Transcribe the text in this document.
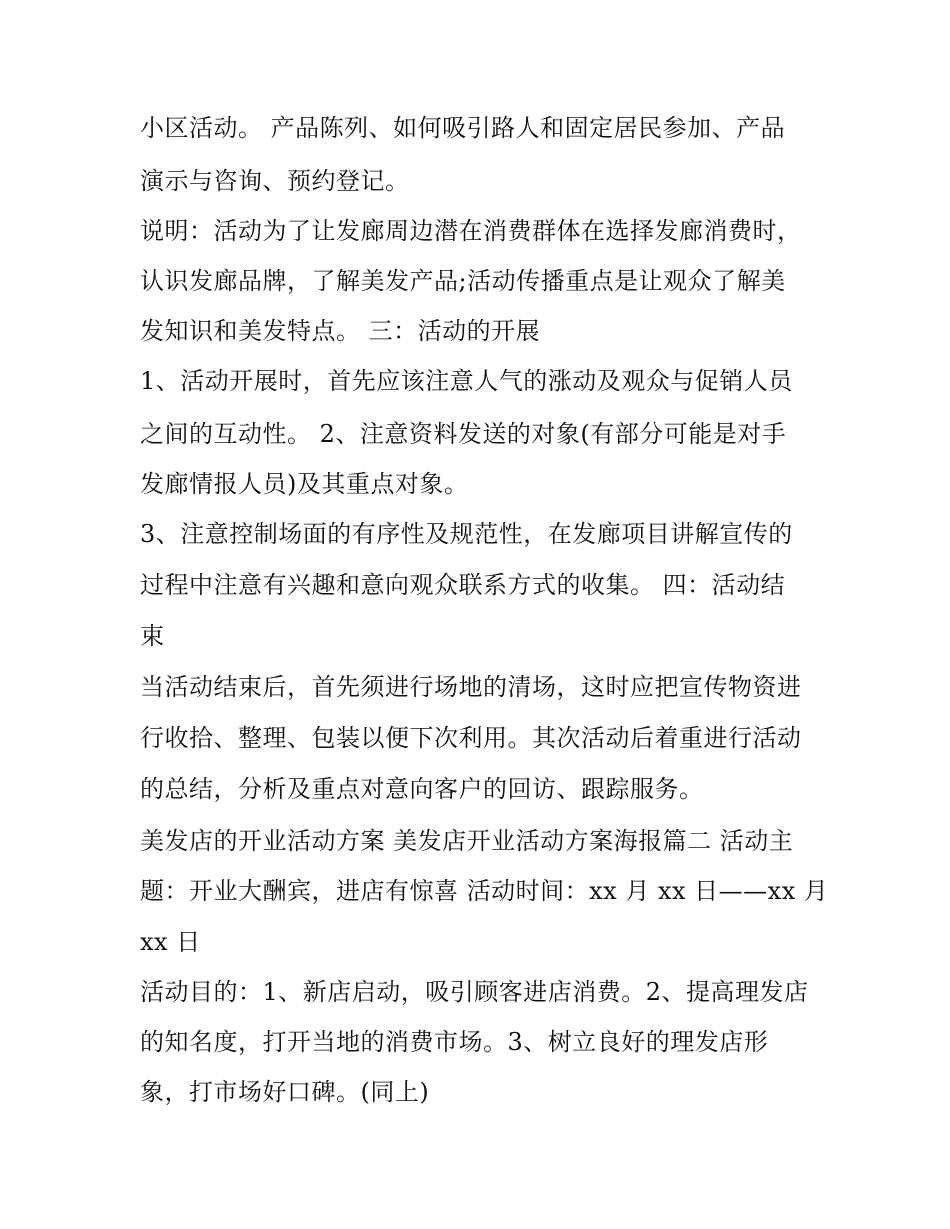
小区活动。 产品陈列、如何吸引路人和固定居民参加、产品
演示与咨询、预约登记。
说明：活动为了让发廊周边潜在消费群体在选择发廊消费时，
认识发廊品牌，了解美发产品;活动传播重点是让观众了解美
发知识和美发特点。 三：活动的开展
1、活动开展时，首先应该注意人气的涨动及观众与促销人员
之间的互动性。 2、注意资料发送的对象(有部分可能是对手
发廊情报人员)及其重点对象。
3、注意控制场面的有序性及规范性，在发廊项目讲解宣传的
过程中注意有兴趣和意向观众联系方式的收集。 四：活动结
束
当活动结束后，首先须进行场地的清场，这时应把宣传物资进
行收拾、整理、包装以便下次利用。其次活动后着重进行活动
的总结，分析及重点对意向客户的回访、跟踪服务。
美发店的开业活动方案 美发店开业活动方案海报篇二 活动主
题：开业大酬宾，进店有惊喜 活动时间：xx 月 xx 日——xx 月
xx 日
活动目的：1、新店启动，吸引顾客进店消费。2、提高理发店
的知名度，打开当地的消费市场。3、树立良好的理发店形
象，打市场好口碑。(同上)
